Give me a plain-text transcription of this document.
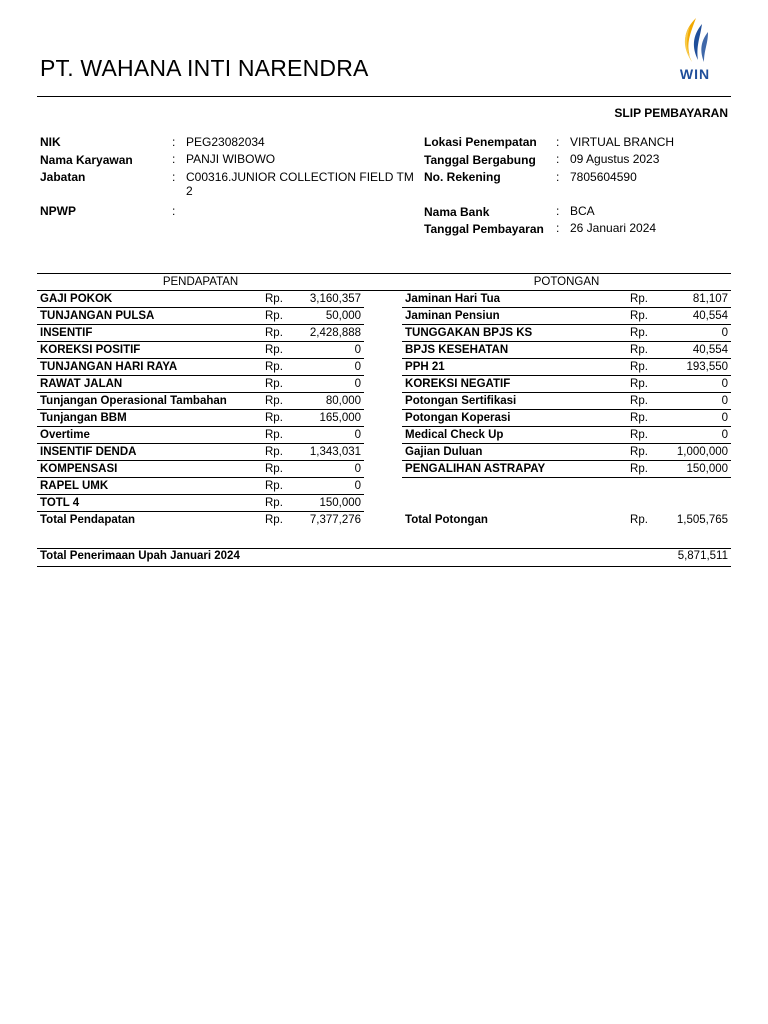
PT. WAHANA INTI NARENDRA	WIN
SLIP PEMBAYARAN
NIK	: PEG23082034
Nama Karyawan	: PANJI WIBOWO
Jabatan	: C00316.JUNIOR COLLECTION FIELD TM 2
NPWP	:
Lokasi Penempatan : VIRTUAL BRANCH
Tanggal Bergabung : 09 Agustus 2023
No. Rekening	: 7805604590
Nama Bank	: BCA
Tanggal Pembayaran : 26 Januari 2024
PENDAPATAN				POTONGAN		
GAJI POKOK	Rp.	3,160,357		Jaminan Hari Tua	Rp.	81,107
TUNJANGAN PULSA	Rp.	50,000		Jaminan Pensiun	Rp.	40,554
INSENTIF	Rp.	2,428,888		TUNGGAKAN BPJS KS	Rp.	0
KOREKSI POSITIF	Rp.	0		BPJS KESEHATAN	Rp.	40,554
TUNJANGAN HARI RAYA	Rp.	0		PPH 21	Rp.	193,550
RAWAT JALAN	Rp.	0		KOREKSI NEGATIF	Rp.	0
Tunjangan Operasional Tambahan	Rp.	80,000		Potongan Sertifikasi	Rp.	0
Tunjangan BBM	Rp.	165,000		Potongan Koperasi	Rp.	0
Overtime	Rp.	0		Medical Check Up	Rp.	0
INSENTIF DENDA	Rp.	1,343,031		Gajian Duluan	Rp.	1,000,000
KOMPENSASI	Rp.	0		PENGALIHAN ASTRAPAY	Rp.	150,000
RAPEL UMK	Rp.	0				
TOTL 4	Rp.	150,000				
Total Pendapatan	Rp.	7,377,276		Total Potongan	Rp.	1,505,765
Total Penerimaan Upah Januari 2024	5,871,511
